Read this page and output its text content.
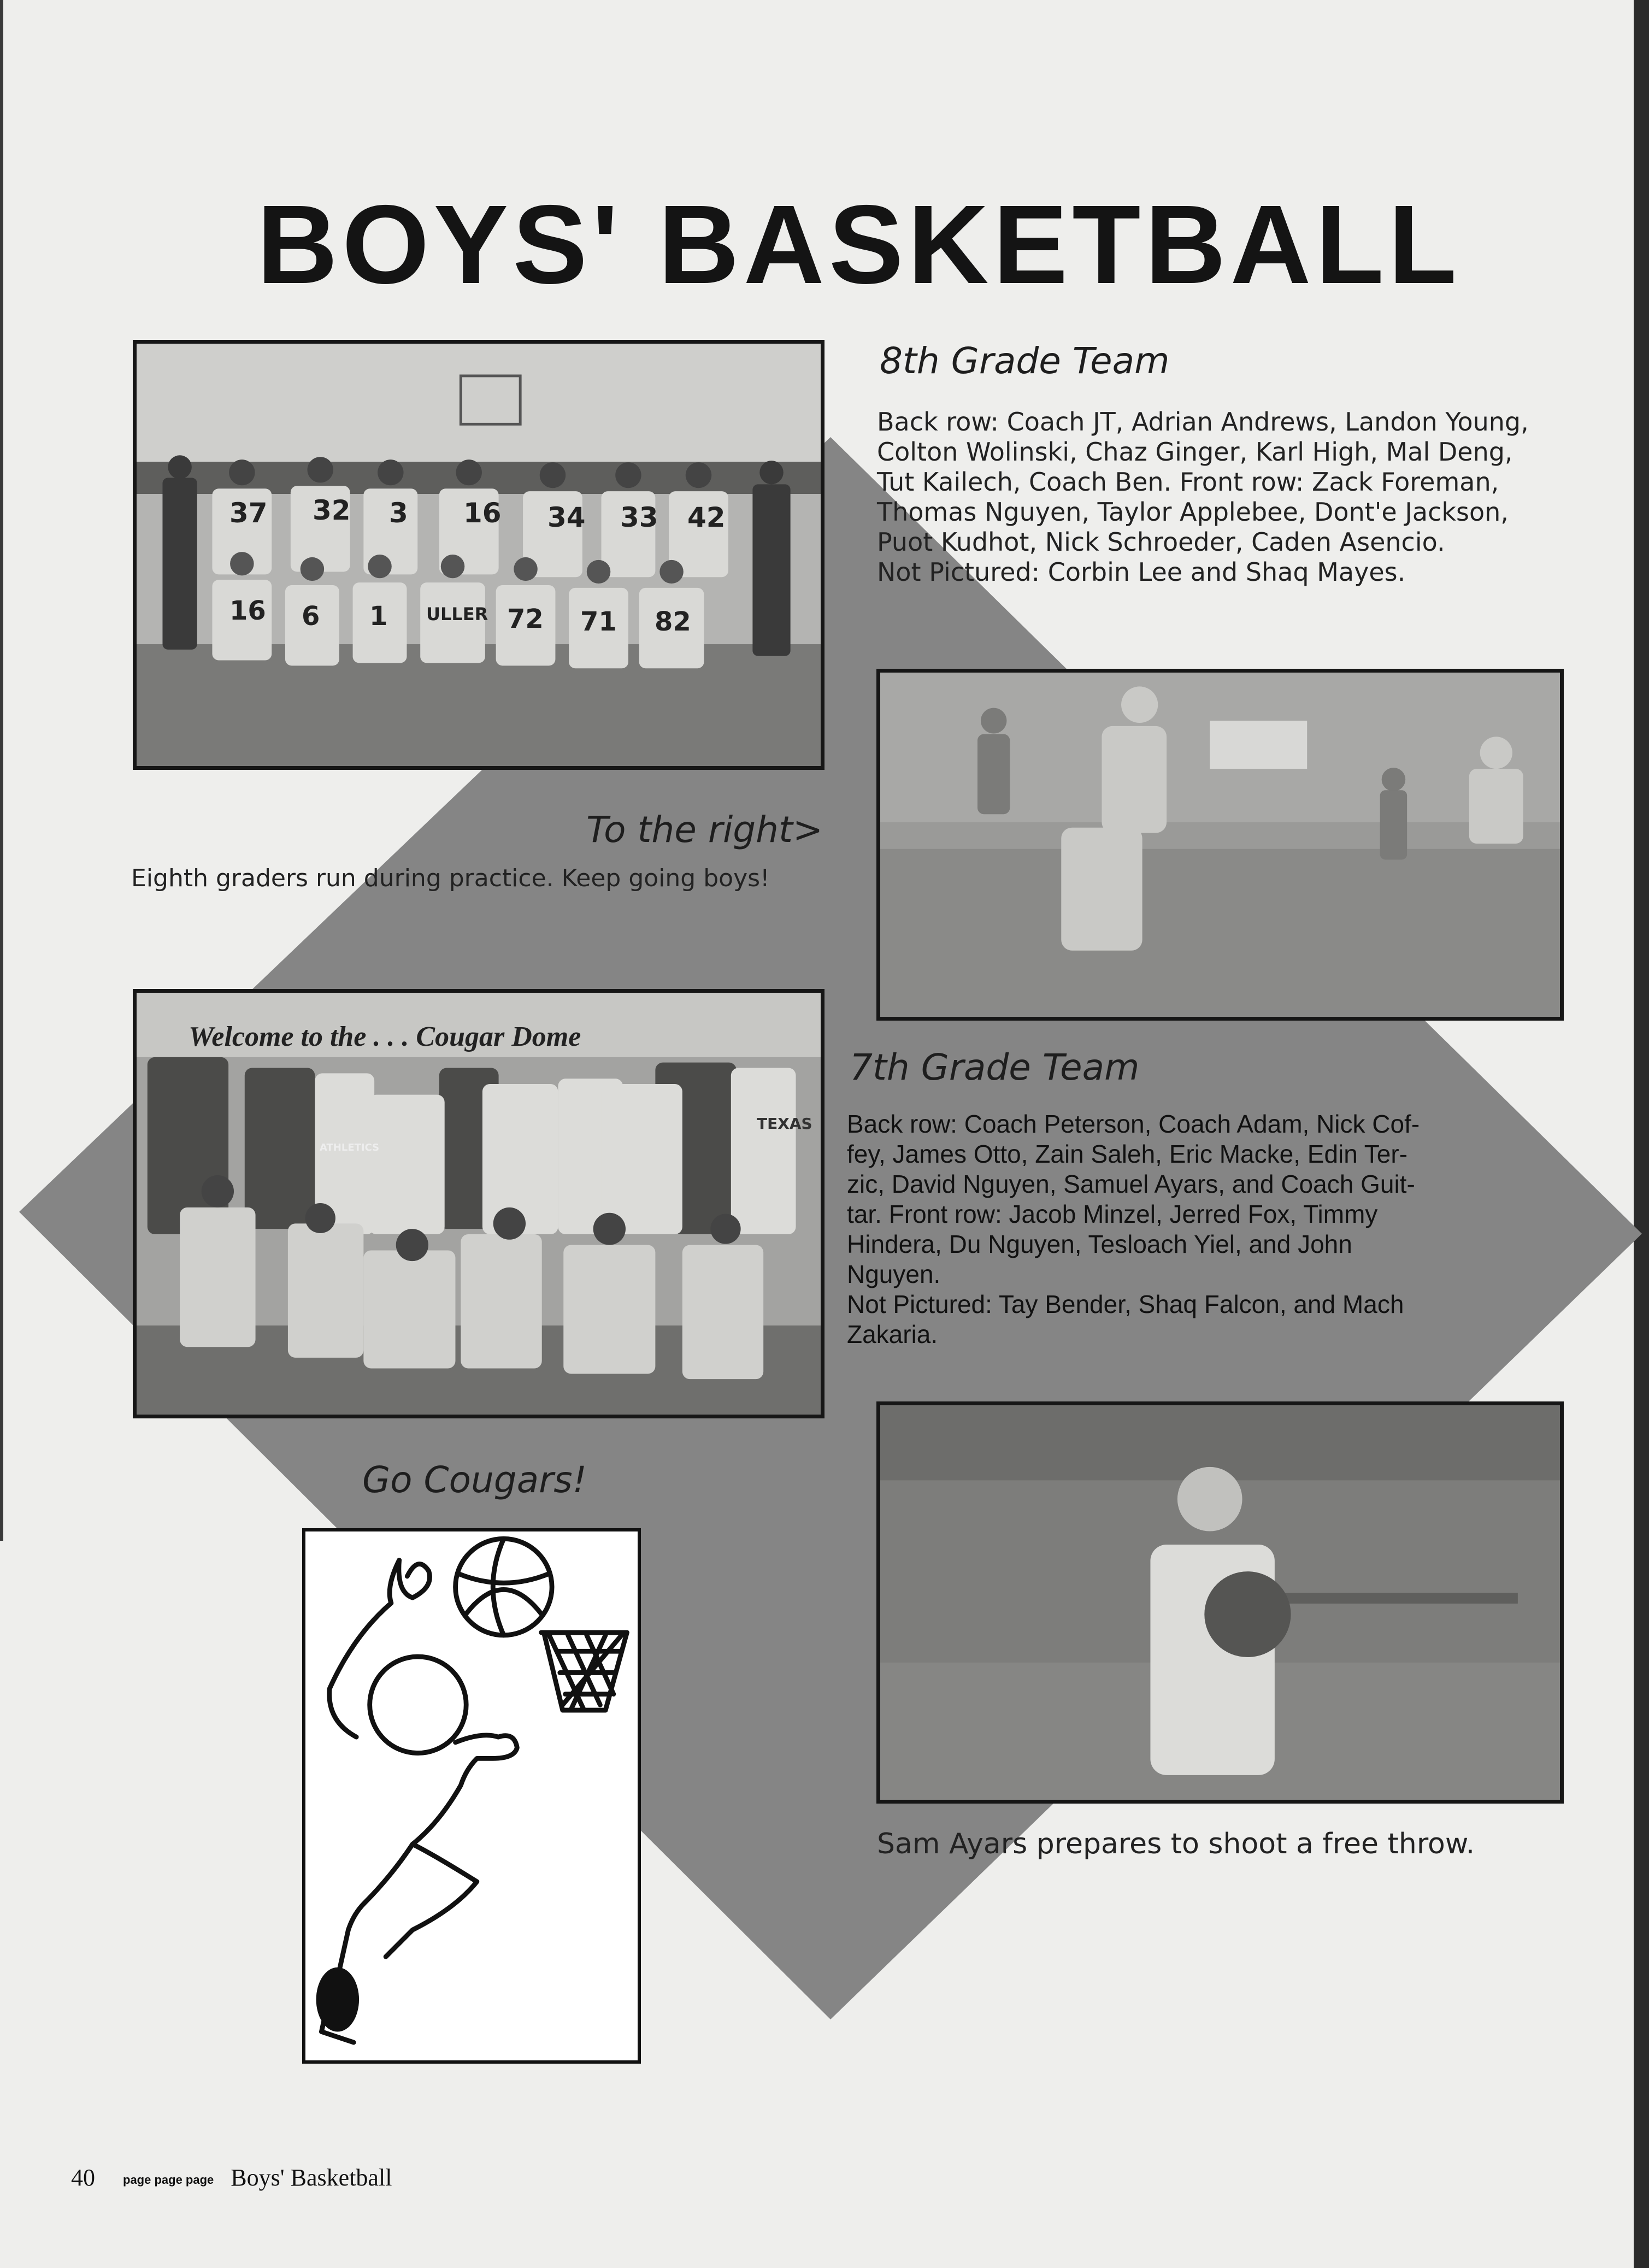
BOYS' BASKETBALL
37 32 3 16 34 33 42
16 6 1 ULLER 72 71 82
8th Grade Team

Back row: Coach JT, Adrian Andrews, Landon Young,

Colton Wolinski, Chaz Ginger, Karl High, Mal Deng,

Tut Kailech, Coach Ben. Front row: Zack Foreman,

Thomas Nguyen, Taylor Applebee, Dont'e Jackson,

Puot Kudhot, Nick Schroeder, Caden Asencio.

Not Pictured: Corbin Lee and Shaq Mayes.

To the right>
Eighth graders run during practice. Keep going boys!
Welcome to the . . . Cougar Dome
ATHLETICS
TEXAS
7th Grade Team

Back row: Coach Peterson, Coach Adam, Nick Cof-

fey, James Otto, Zain Saleh, Eric Macke, Edin Ter-

zic, David Nguyen, Samuel Ayars, and Coach Guit-

tar. Front row: Jacob Minzel, Jerred Fox, Timmy

Hindera, Du Nguyen, Tesloach Yiel, and John

Nguyen.

Not Pictured: Tay Bender, Shaq Falcon, and Mach

Zakaria.

Go Cougars!
Sam Ayars prepares to shoot a free throw.
40 page page page Boys' Basketball
